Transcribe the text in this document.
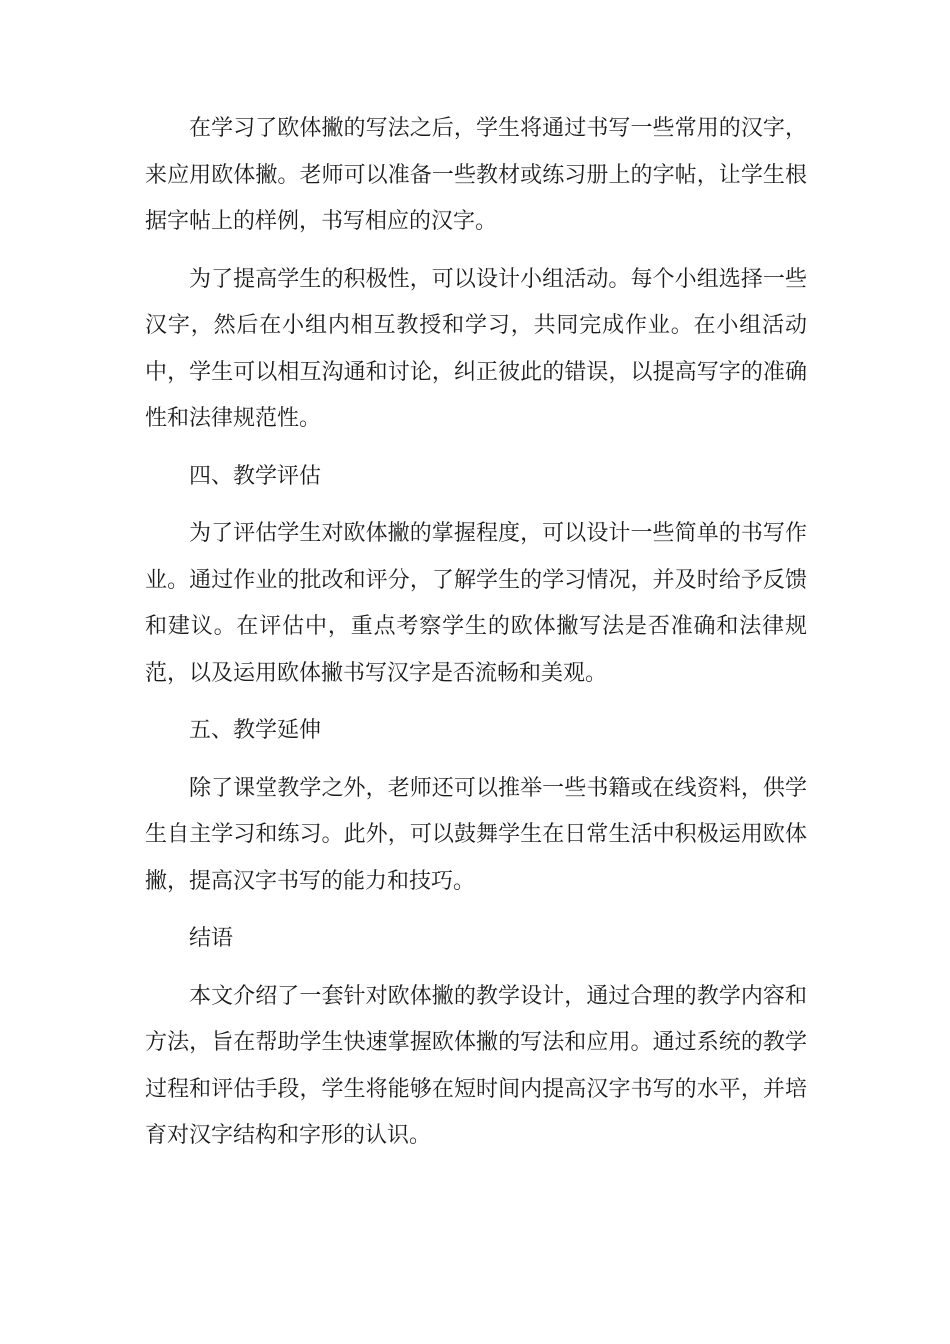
在学习了欧体撇的写法之后，学生将通过书写一些常用的汉字，来应用欧体撇。老师可以准备一些教材或练习册上的字帖，让学生根据字帖上的样例，书写相应的汉字。

为了提高学生的积极性，可以设计小组活动。每个小组选择一些汉字，然后在小组内相互教授和学习，共同完成作业。在小组活动中，学生可以相互沟通和讨论，纠正彼此的错误，以提高写字的准确性和法律规范性。

四、教学评估

为了评估学生对欧体撇的掌握程度，可以设计一些简单的书写作业。通过作业的批改和评分，了解学生的学习情况，并及时给予反馈和建议。在评估中，重点考察学生的欧体撇写法是否准确和法律规范，以及运用欧体撇书写汉字是否流畅和美观。

五、教学延伸

除了课堂教学之外，老师还可以推举一些书籍或在线资料，供学生自主学习和练习。此外，可以鼓舞学生在日常生活中积极运用欧体撇，提高汉字书写的能力和技巧。

结语

本文介绍了一套针对欧体撇的教学设计，通过合理的教学内容和方法，旨在帮助学生快速掌握欧体撇的写法和应用。通过系统的教学过程和评估手段，学生将能够在短时间内提高汉字书写的水平，并培育对汉字结构和字形的认识。
